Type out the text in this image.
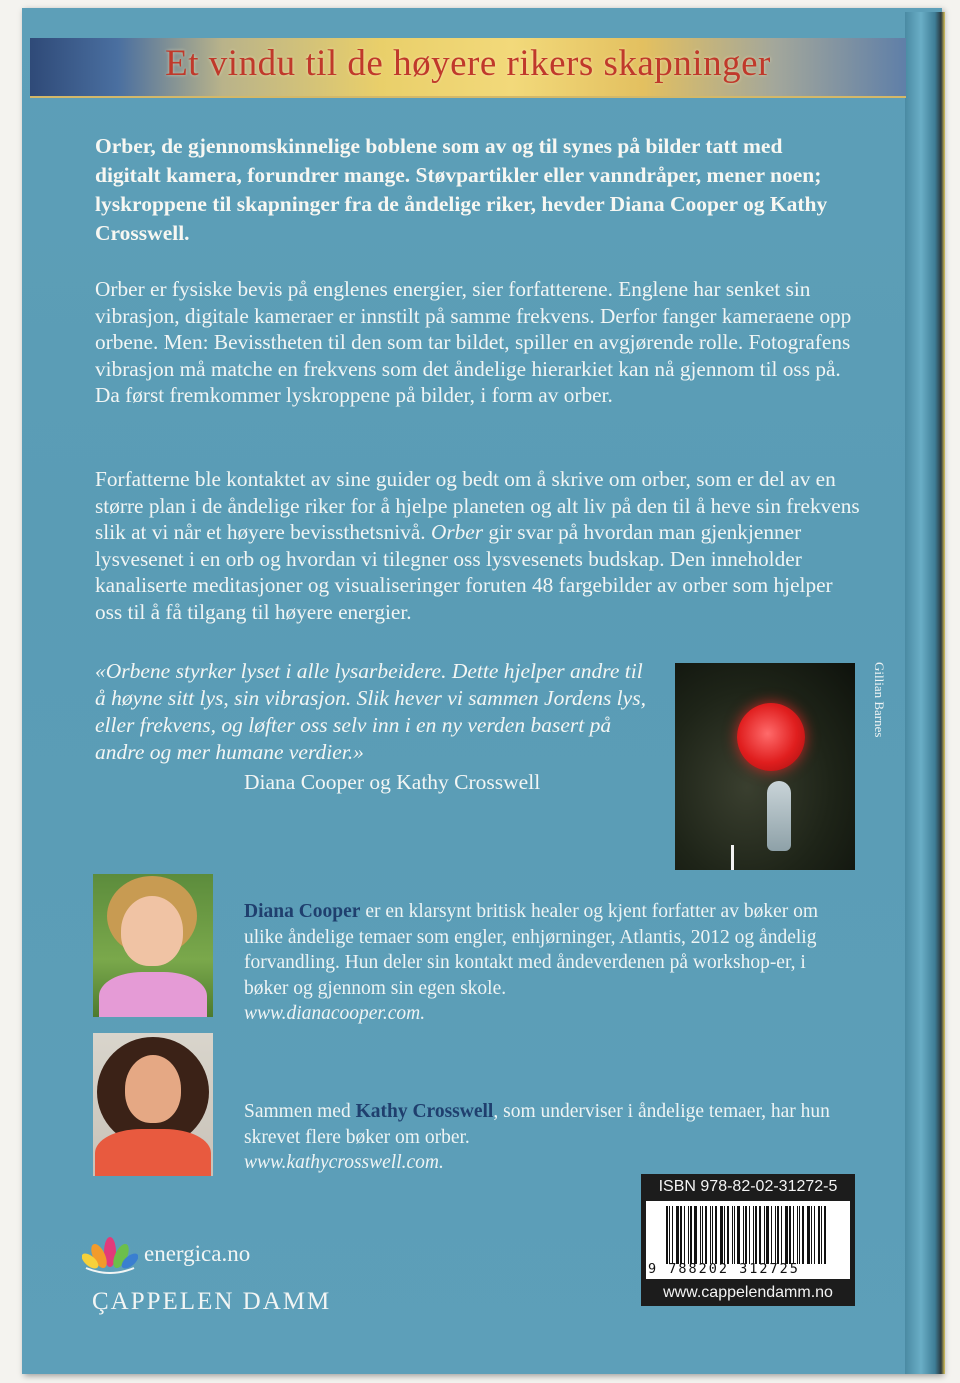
Et vindu til de høyere rikers skapninger
Orber, de gjennomskinnelige boblene som av og til synes på bilder tatt med digitalt kamera, forundrer mange. Støvpartikler eller vanndråper, mener noen; lyskroppene til skapninger fra de åndelige riker, hevder Diana Cooper og Kathy Crosswell.
Orber er fysiske bevis på englenes energier, sier forfatterene. Englene har senket sin vibrasjon, digitale kameraer er innstilt på samme frekvens. Derfor fanger kameraene opp orbene. Men: Bevisstheten til den som tar bildet, spiller en avgjørende rolle. Fotografens vibrasjon må matche en frekvens som det åndelige hierarkiet kan nå gjennom til oss på. Da først fremkommer lyskroppene på bilder, i form av orber.
Forfatterne ble kontaktet av sine guider og bedt om å skrive om orber, som er del av en større plan i de åndelige riker for å hjelpe planeten og alt liv på den til å heve sin frekvens slik at vi når et høyere bevissthetsnivå. Orber gir svar på hvordan man gjenkjenner lysvesenet i en orb og hvordan vi tilegner oss lysvesenets budskap. Den inneholder kanaliserte meditasjoner og visualiseringer foruten 48 fargebilder av orber som hjelper oss til å få tilgang til høyere energier.
«Orbene styrker lyset i alle lysarbeidere. Dette hjelper andre til å høyne sitt lys, sin vibrasjon. Slik hever vi sammen Jordens lys, eller frekvens, og løfter oss selv inn i en ny verden basert på andre og mer humane verdier.»
Diana Cooper og Kathy Crosswell
Gillian Barnes
Diana Cooper er en klarsynt britisk healer og kjent forfatter av bøker om ulike åndelige temaer som engler, enhjørninger, Atlantis, 2012 og åndelig forvandling. Hun deler sin kontakt med åndeverdenen på workshop-er, i bøker og gjennom sin egen skole.
www.dianacooper.com.
Sammen med Kathy Crosswell, som underviser i åndelige temaer, har hun skrevet flere bøker om orber.
www.kathycrosswell.com.
ISBN 978-82-02-31272-5
9 788202 312725
www.cappelendamm.no
energica.no
ÇAPPELEN DAMM
